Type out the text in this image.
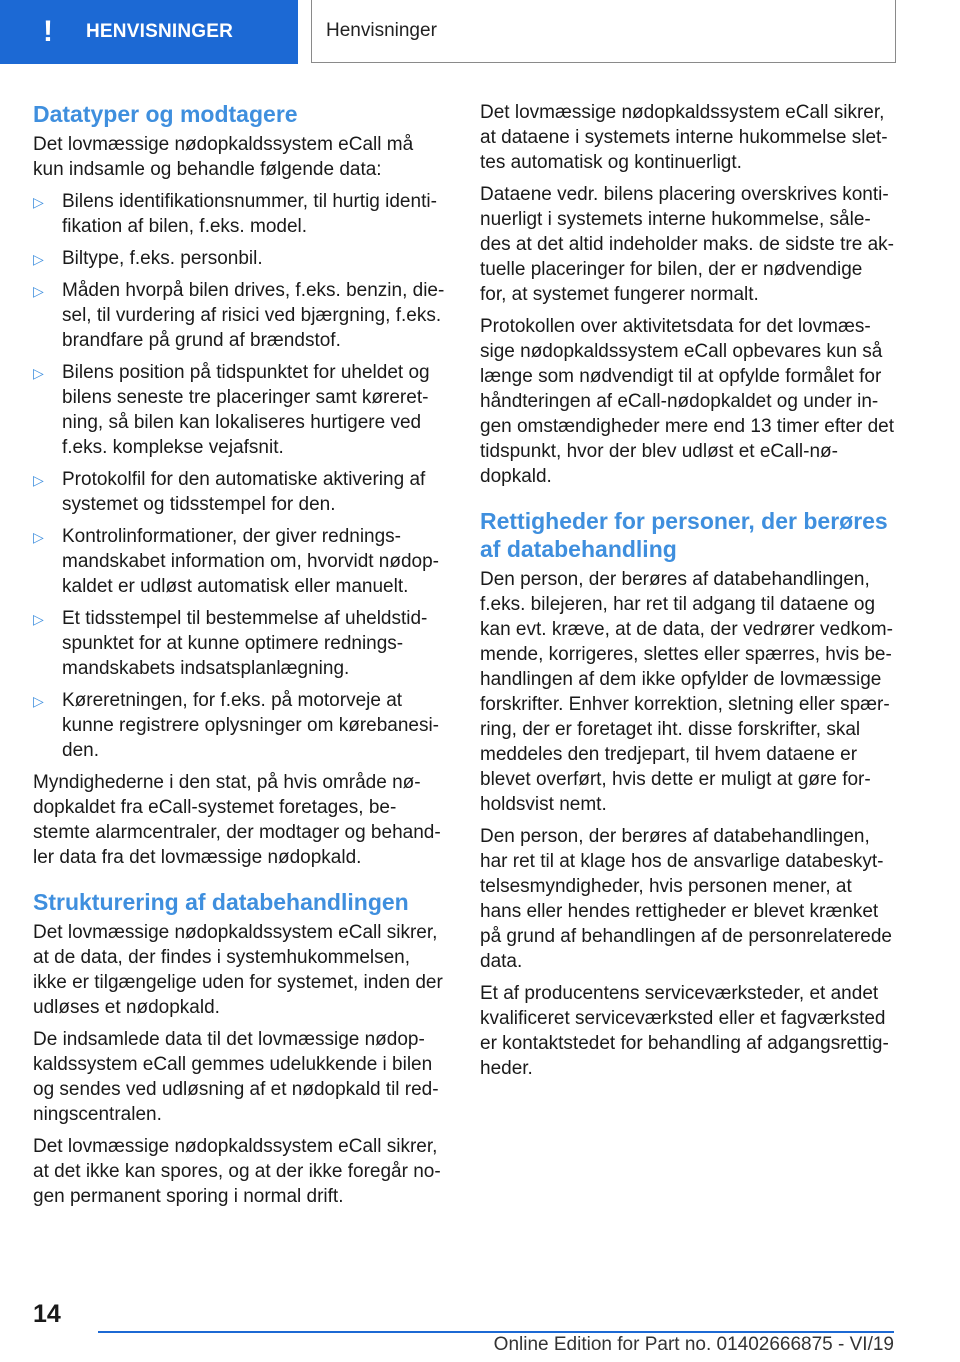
! HENVISNINGER	Henvisninger
Datatyper og modtagere

Det lovmæssige nødopkaldssystem eCall må kun indsamle og behandle følgende data:

▷ Bilens identifikationsnummer, til hurtig identi-fikation af bilen, f.eks. model.
▷ Biltype, f.eks. personbil.
▷ Måden hvorpå bilen drives, f.eks. benzin, die-sel, til vurdering af risici ved bjærgning, f.eks. brandfare på grund af brændstof.
▷ Bilens position på tidspunktet for uheldet og bilens seneste tre placeringer samt køreret-ning, så bilen kan lokaliseres hurtigere ved f.eks. komplekse vejafsnit.
▷ Protokolfil for den automatiske aktivering af systemet og tidsstempel for den.
▷ Kontrolinformationer, der giver rednings-mandskabet information om, hvorvidt nødop-kaldet er udløst automatisk eller manuelt.
▷ Et tidsstempel til bestemmelse af uheldstid-spunktet for at kunne optimere rednings-mandskabets indsatsplanlægning.
▷ Køreretningen, for f.eks. på motorveje at kunne registrere oplysninger om kørebanesi-den.

Myndighederne i den stat, på hvis område nø-dopkaldet fra eCall-systemet foretages, be-stemte alarmcentraler, der modtager og behand-ler data fra det lovmæssige nødopkald.

Strukturering af databehandlingen

Det lovmæssige nødopkaldssystem eCall sikrer, at de data, der findes i systemhukommelsen, ikke er tilgængelige uden for systemet, inden der udløses et nødopkald.

De indsamlede data til det lovmæssige nødop-kaldssystem eCall gemmes udelukkende i bilen og sendes ved udløsning af et nødopkald til red-ningscentralen.

Det lovmæssige nødopkaldssystem eCall sikrer, at det ikke kan spores, og at der ikke foregår no-gen permanent sporing i normal drift.

Det lovmæssige nødopkaldssystem eCall sikrer, at dataene i systemets interne hukommelse slet-tes automatisk og kontinuerligt.

Dataene vedr. bilens placering overskrives konti-nuerligt i systemets interne hukommelse, såle-des at det altid indeholder maks. de sidste tre ak-tuelle placeringer for bilen, der er nødvendige for, at systemet fungerer normalt.

Protokollen over aktivitetsdata for det lovmæs-sige nødopkaldssystem eCall opbevares kun så længe som nødvendigt til at opfylde formålet for håndteringen af eCall-nødopkaldet og under in-gen omstændigheder mere end 13 timer efter det tidspunkt, hvor der blev udløst et eCall-nø-dopkald.

Rettigheder for personer, der berøres af databehandling

Den person, der berøres af databehandlingen, f.eks. bilejeren, har ret til adgang til dataene og kan evt. kræve, at de data, der vedrører vedkom-mende, korrigeres, slettes eller spærres, hvis be-handlingen af dem ikke opfylder de lovmæssige forskrifter. Enhver korrektion, sletning eller spær-ring, der er foretaget iht. disse forskrifter, skal meddeles den tredjepart, til hvem dataene er blevet overført, hvis dette er muligt at gøre for-holdsvist nemt.

Den person, der berøres af databehandlingen, har ret til at klage hos de ansvarlige databeskyt-telsesmyndigheder, hvis personen mener, at hans eller hendes rettigheder er blevet krænket på grund af behandlingen af de personrelaterede data.

Et af producentens serviceværksteder, et andet kvalificeret serviceværksted eller et fagværksted er kontaktstedet for behandling af adgangsrettig-heder.

14
Online Edition for Part no. 01402666875 - VI/19
